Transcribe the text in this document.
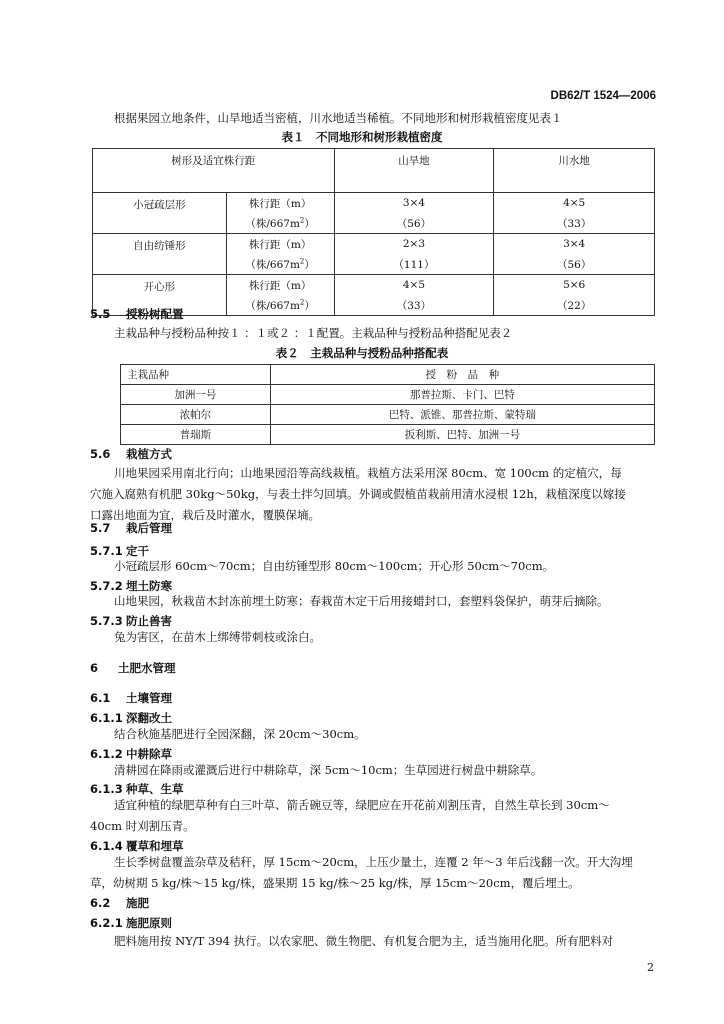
DB62/T 1524—2006
根据果园立地条件，山旱地适当密植，川水地适当稀植。不同地形和树形栽植密度见表１
表１　不同地形和树形栽植密度
树形及适宜株行距		山旱地	川水地
小冠疏层形	株行距（m）	3×4	4×5
	（株$/667m^2$）	（56）	（33）
自由纺锤形	株行距（m）	2×3	3×4
	（株$/667m^2$）	（111）	（56）
开心形	株行距（m）	4×5	5×6
	（株$/667m^2$）	（33）	（22）
5.5 授粉树配置
主栽品种与授粉品种按１ ：１或２ ：１配置。主栽品种与授粉品种搭配见表２
表２　主栽品种与授粉品种搭配表
主栽品种	授　粉　品　种
加洲一号	那普拉斯、卡门、巴特
浓帕尔	巴特、派锥、那普拉斯、蒙特瑞
普瑞斯	扳利斯、巴特、加洲一号
5.6 栽植方式
川地果园采用南北行向；山地果园沿等高线栽植。栽植方法采用深 80cm、宽 100cm 的定植穴，每
穴施入腐熟有机肥 30kg～50kg，与表土拌匀回填。外调或假植苗栽前用清水浸根 12h，栽植深度以嫁接
口露出地面为宜，栽后及时灌水，覆膜保墒。
5.7 栽后管理
5.7.1 定干
小冠疏层形 60cm～70cm；自由纺锤型形 80cm～100cm；开心形 50cm～70cm。
5.7.2 埋土防寒
山地果园，秋栽苗木封冻前埋土防寒；春栽苗木定干后用接蜡封口，套塑料袋保护，萌芽后摘除。
5.7.3 防止兽害
兔为害区，在苗木上绑缚带刺枝或涂白。
6 土肥水管理
6.1 土壤管理
6.1.1 深翻改土
结合秋施基肥进行全园深翻，深 20cm～30cm。
6.1.2 中耕除草
清耕园在降雨或灌溉后进行中耕除草，深 5cm～10cm；生草园进行树盘中耕除草。
6.1.3 种草、生草
适宜种植的绿肥草种有白三叶草、箭舌碗豆等，绿肥应在开花前刈割压青，自然生草长到 30cm～
40cm 时刈割压青。
6.1.4 覆草和埋草
生长季树盘覆盖杂草及秸秆，厚 15cm～20cm，上压少量土，连覆 2 年～3 年后浅翻一次。开大沟埋
草，幼树期 5 kg/株～15 kg/株，盛果期 15 kg/株～25 kg/株，厚 15cm～20cm，覆后埋土。
6.2 施肥
6.2.1 施肥原则
肥料施用按 NY/T 394 执行。以农家肥、微生物肥、有机复合肥为主，适当施用化肥。所有肥料对
2
